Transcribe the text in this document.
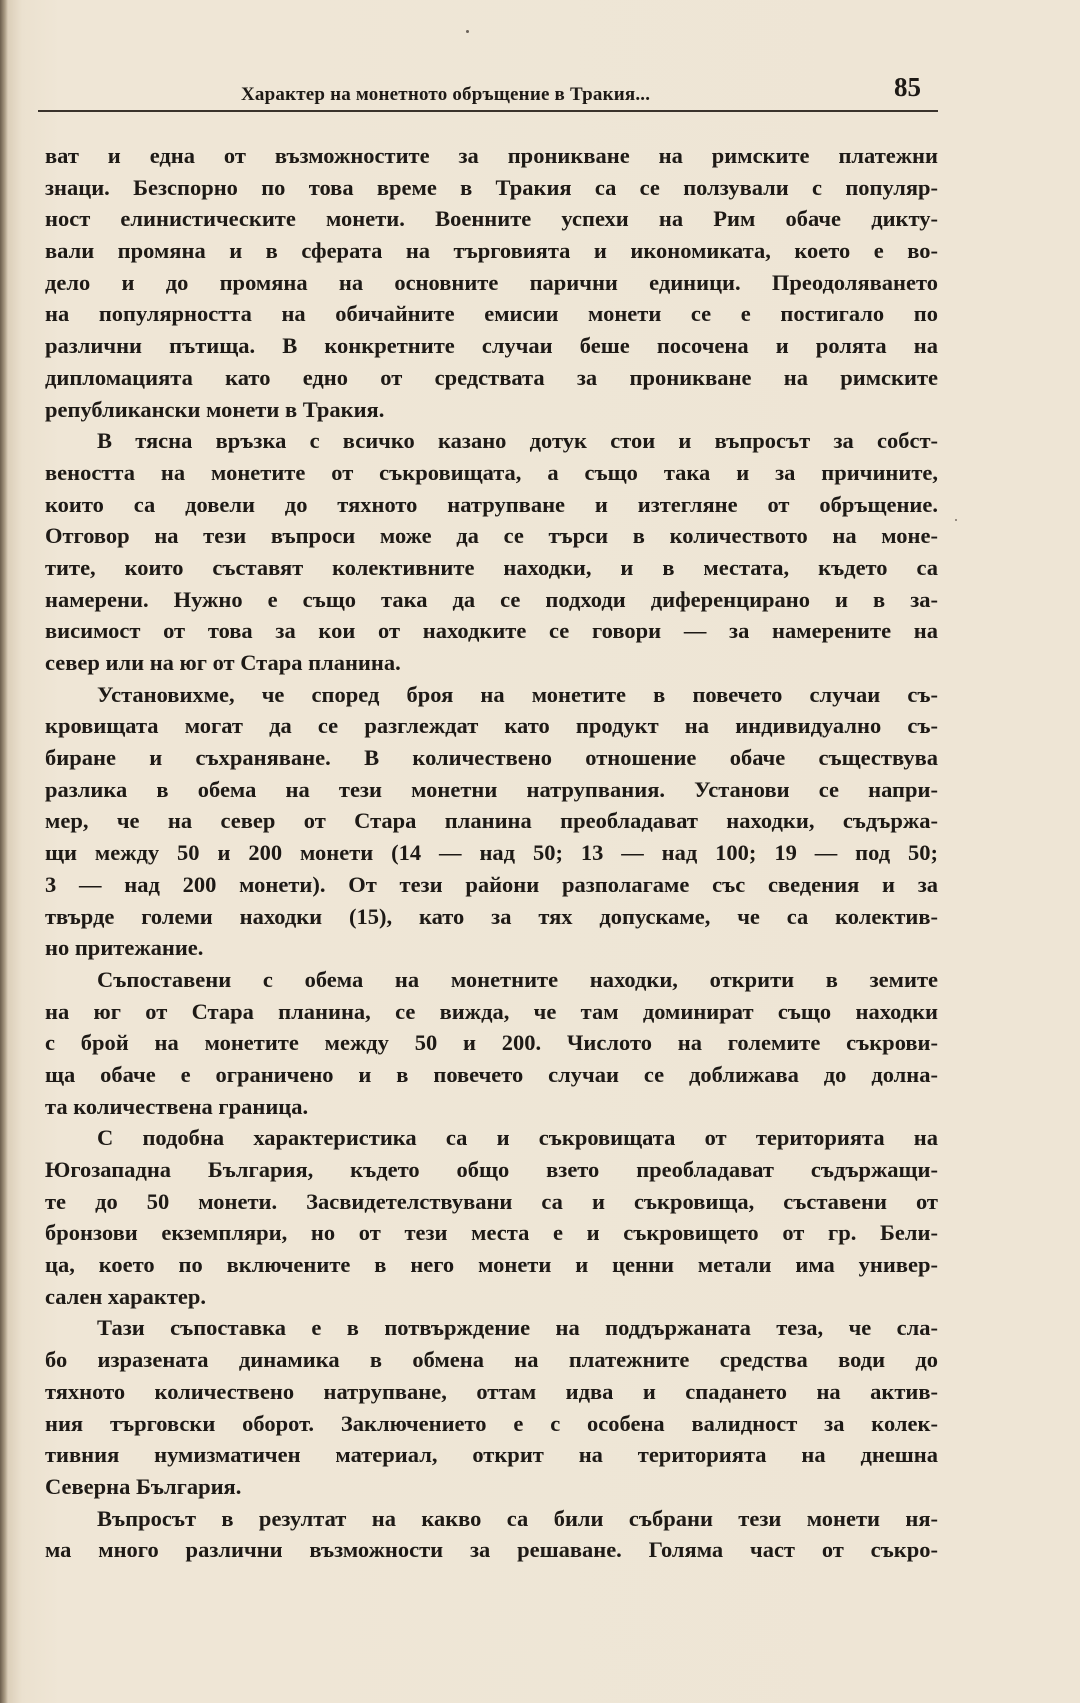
Характер на монетното обръщение в Тракия...	85
ват и една от възможностите за проникване на римските платежни
знаци. Безспорно по това време в Тракия са се ползували с популяр-
ност елинистическите монети. Военните успехи на Рим обаче дикту-
вали промяна и в сферата на търговията и икономиката, което е во-
дело и до промяна на основните парични единици. Преодоляването
на популярността на обичайните емисии монети се е постигало по
различни пътища. В конкретните случаи беше посочена и ролята на
дипломацията като едно от средствата за проникване на римските
републикански монети в Тракия.
В тясна връзка с всичко казано дотук стои и въпросът за собст-
веността на монетите от съкровищата, а също така и за причините,
които са довели до тяхното натрупване и изтегляне от обръщение.
Отговор на тези въпроси може да се търси в количеството на моне-
тите, които съставят колективните находки, и в местата, където са
намерени. Нужно е също така да се подходи диференцирано и в за-
висимост от това за кои от находките се говори — за намерените на
север или на юг от Стара планина.
Установихме, че според броя на монетите в повечето случаи съ-
кровищата могат да се разглеждат като продукт на индивидуално съ-
биране и съхраняване. В количествено отношение обаче съществува
разлика в обема на тези монетни натрупвания. Установи се напри-
мер, че на север от Стара планина преобладават находки, съдържа-
щи между 50 и 200 монети (14 — над 50; 13 — над 100; 19 — под 50;
3 — над 200 монети). От тези райони разполагаме със сведения и за
твърде големи находки (15), като за тях допускаме, че са колектив-
но притежание.
Съпоставени с обема на монетните находки, открити в земите
на юг от Стара планина, се вижда, че там доминират също находки
с брой на монетите между 50 и 200. Числото на големите съкрови-
ща обаче е ограничено и в повечето случаи се доближава до долна-
та количествена граница.
С подобна характеристика са и съкровищата от територията на
Югозападна България, където общо взето преобладават съдържащи-
те до 50 монети. Засвидетелствувани са и съкровища, съставени от
бронзови екземпляри, но от тези места е и съкровището от гр. Бели-
ца, което по включените в него монети и ценни метали има универ-
сален характер.
Тази съпоставка е в потвърждение на поддържаната теза, че сла-
бо изразената динамика в обмена на платежните средства води до
тяхното количествено натрупване, оттам идва и спадането на актив-
ния търговски оборот. Заключението е с особена валидност за колек-
тивния нумизматичен материал, открит на територията на днешна
Северна България.
Въпросът в резултат на какво са били събрани тези монети ня-
ма много различни възможности за решаване. Голяма част от съкро-
